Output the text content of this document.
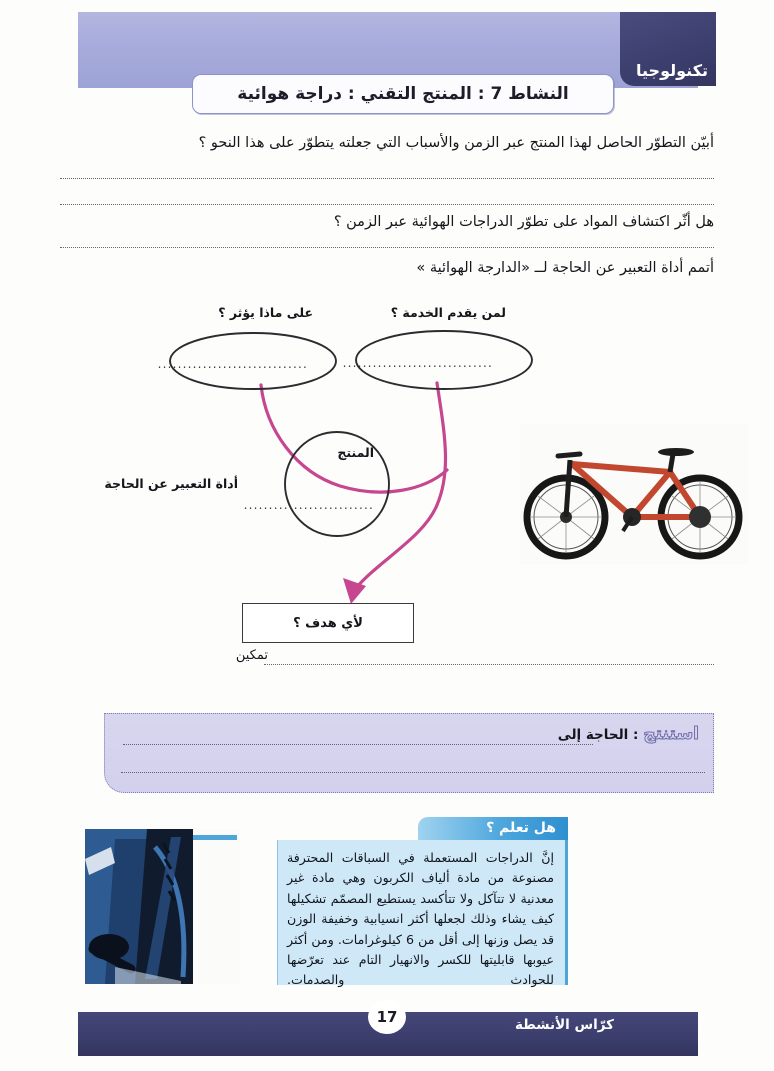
تكنولوجيا
النشاط 7 : المنتج التقني : دراجة هوائية
أبيّن التطوّر الحاصل لهذا المنتج عبر الزمن والأسباب التي جعلته يتطوّر على هذا النحو ؟
هل أثّر اكتشاف المواد على تطوّر الدراجات الهوائية عبر الزمن ؟
أتمم أداة التعبير عن الحاجة لــ «الدارجة الهوائية »
لمن يقدم الخدمة ؟
على ماذا يؤثر ؟
المنتج
أداة التعبير عن الحاجة
..............................
..............................
..........................
لأي هدف ؟
تمكين
استنتج
: الحاجة إلى
هل تعلم ؟

إنَّ الدراجات المستعملة في السباقات المحترفة مصنوعة من مادة ألياف الكربون وهي مادة غير معدنية لا تتآكل ولا تتأكسد يستطيع المصمّم تشكيلها كيف يشاء وذلك لجعلها أكثر انسيابية وخفيفة الوزن قد يصل وزنها إلى أقل من 6 كيلوغرامات. ومن أكثر عيوبها قابليتها للكسر والانهيار التام عند تعرّضها للحوادث والصدمات.

كرّاس الأنشطة
17
